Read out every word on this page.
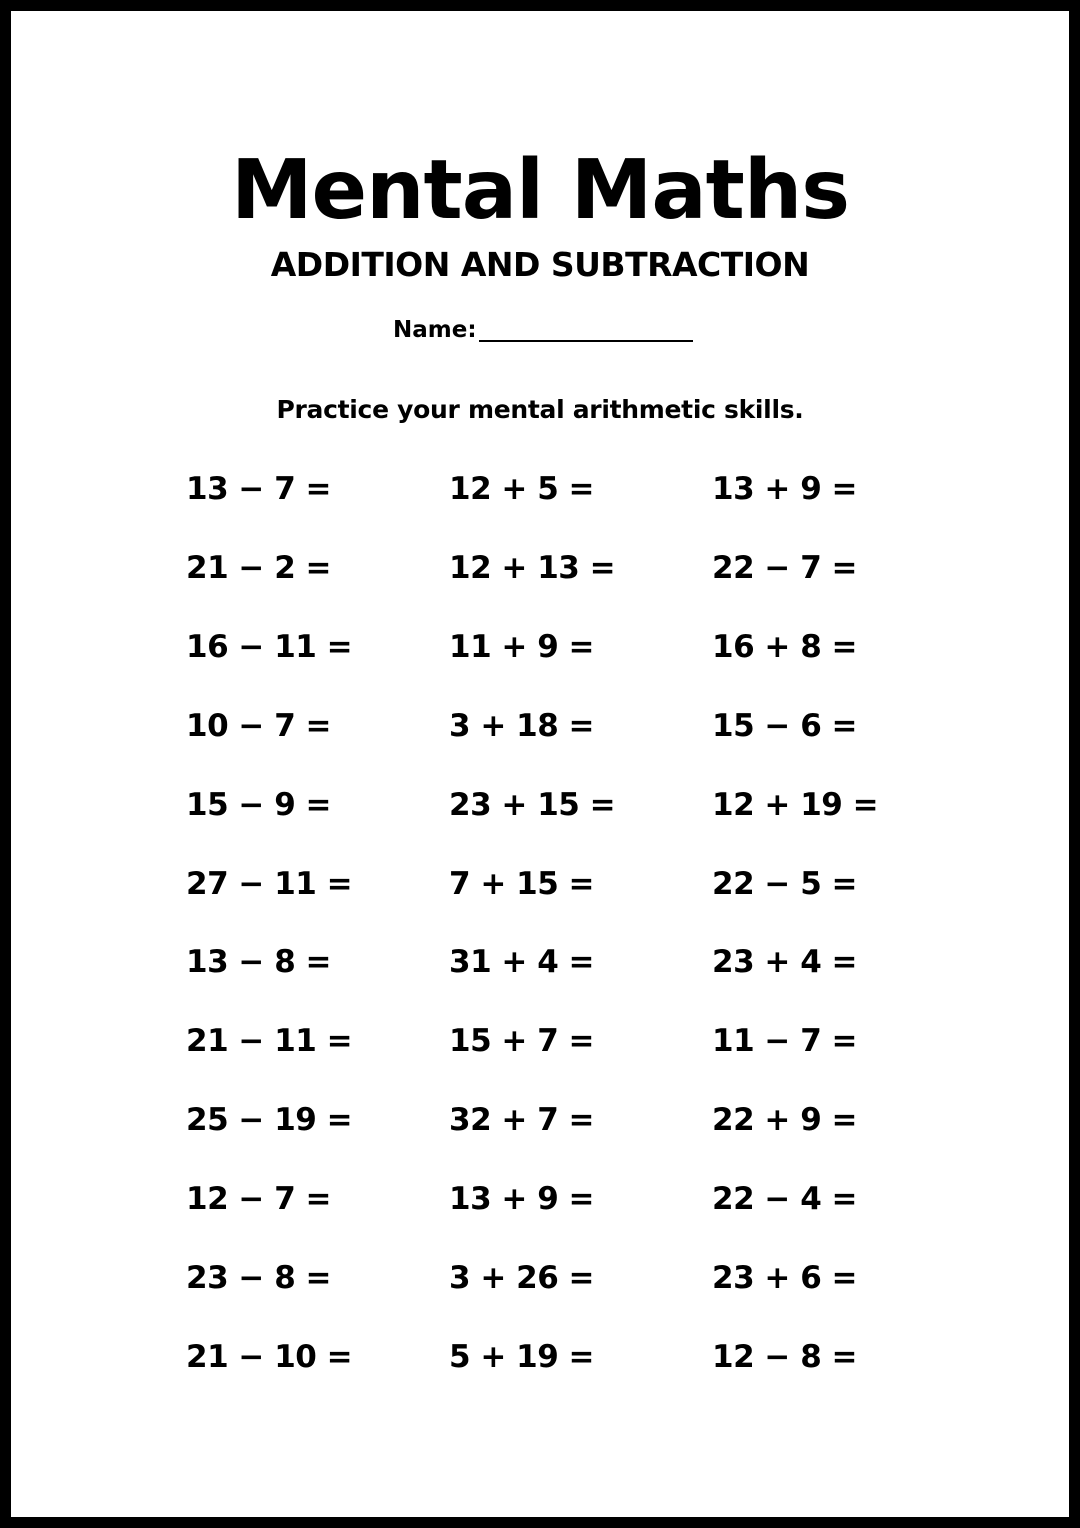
Mental Maths
ADDITION AND SUBTRACTION
Name:
Practice your mental arithmetic skills.
13 − 7 =
21 − 2 =
16 − 11 =
10 − 7 =
15 − 9 =
27 − 11 =
13 − 8 =
21 − 11 =
25 − 19 =
12 − 7 =
23 − 8 =
21 − 10 =
12 + 5 =
12 + 13 =
11 + 9 =
3 + 18 =
23 + 15 =
7 + 15 =
31 + 4 =
15 + 7 =
32 + 7 =
13 + 9 =
3 + 26 =
5 + 19 =
13 + 9 =
22 − 7 =
16 + 8 =
15 − 6 =
12 + 19 =
22 − 5 =
23 + 4 =
11 − 7 =
22 + 9 =
22 − 4 =
23 + 6 =
12 − 8 =
